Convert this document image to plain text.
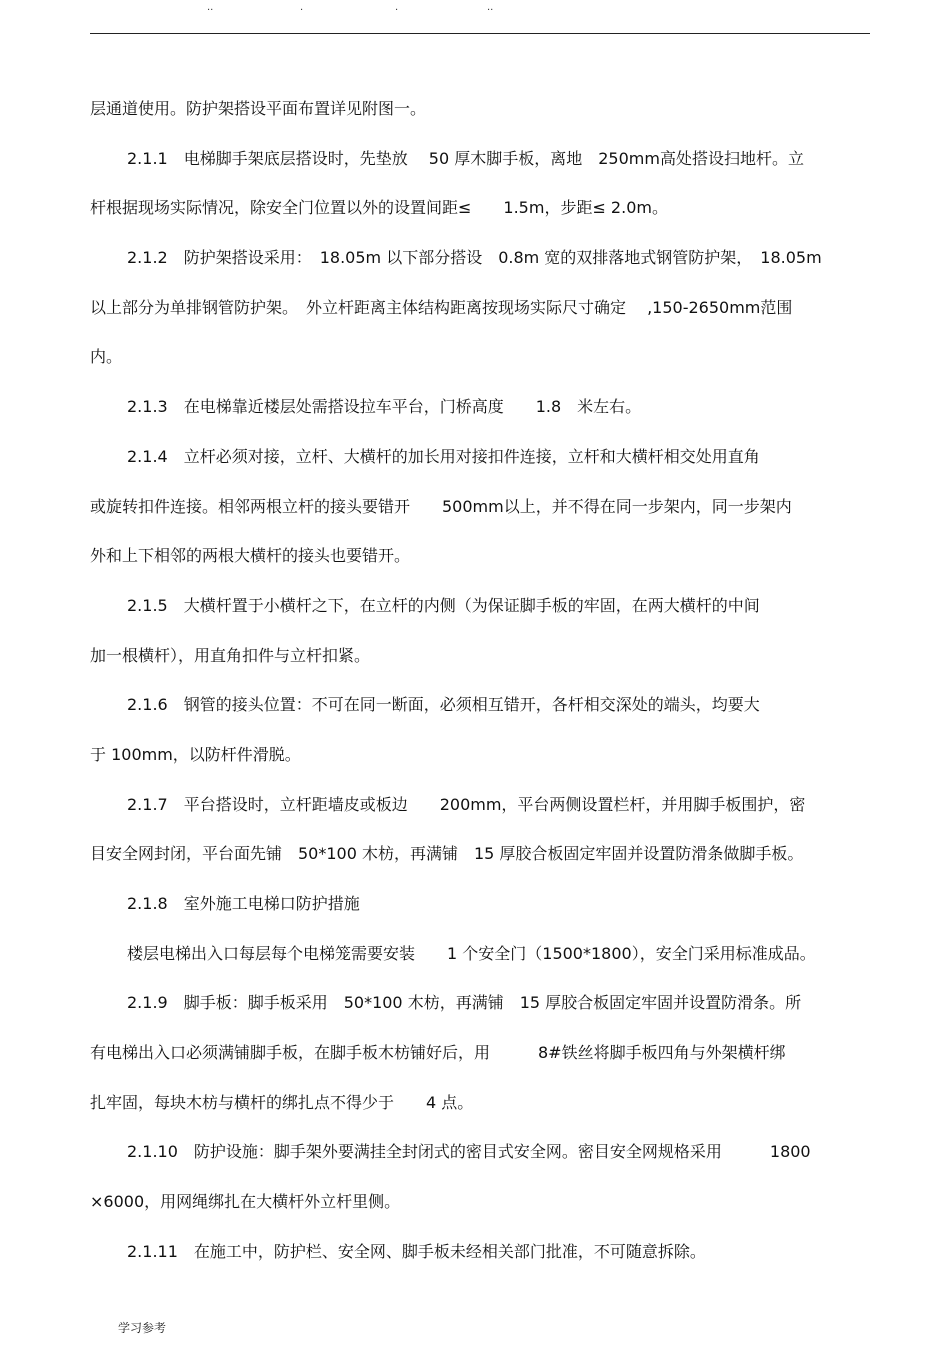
..	.	.	..
层通道使用。防护架搭设平面布置详见附图一。
2.1.1　电梯脚手架底层搭设时，先垫放　 50 厚木脚手板，离地　250mm高处搭设扫地杆。立
杆根据现场实际情况，除安全门位置以外的设置间距≤　　1.5m，步距≤ 2.0m。
2.1.2　防护架搭设采用：　18.05m 以下部分搭设　0.8m 宽的双排落地式钢管防护架，　18.05m
以上部分为单排钢管防护架。　外立杆距离主体结构距离按现场实际尺寸确定　 ,150-2650mm范围
内。
2.1.3　在电梯靠近楼层处需搭设拉车平台，门桥高度　　1.8　米左右。
2.1.4　立杆必须对接，立杆、大横杆的加长用对接扣件连接，立杆和大横杆相交处用直角
或旋转扣件连接。相邻两根立杆的接头要错开　　500mm以上，并不得在同一步架内，同一步架内
外和上下相邻的两根大横杆的接头也要错开。
2.1.5　大横杆置于小横杆之下，在立杆的内侧（为保证脚手板的牢固，在两大横杆的中间
加一根横杆），用直角扣件与立杆扣紧。
2.1.6　钢管的接头位置：不可在同一断面，必须相互错开，各杆相交深处的端头，均要大
于 100mm，以防杆件滑脱。
2.1.7　平台搭设时，立杆距墙皮或板边　　200mm，平台两侧设置栏杆，并用脚手板围护，密
目安全网封闭，平台面先铺　50*100 木枋，再满铺　15 厚胶合板固定牢固并设置防滑条做脚手板。
2.1.8　室外施工电梯口防护措施
楼层电梯出入口每层每个电梯笼需要安装　　1 个安全门（1500*1800），安全门采用标准成品。
2.1.9　脚手板：脚手板采用　50*100 木枋，再满铺　15 厚胶合板固定牢固并设置防滑条。所
有电梯出入口必须满铺脚手板，在脚手板木枋铺好后，用　　　8#铁丝将脚手板四角与外架横杆绑
扎牢固，每块木枋与横杆的绑扎点不得少于　　4 点。
2.1.10　防护设施：脚手架外要满挂全封闭式的密目式安全网。密目安全网规格采用　　　1800
×6000，用网绳绑扎在大横杆外立杆里侧。
2.1.11　在施工中，防护栏、安全网、脚手板未经相关部门批准，不可随意拆除。
学习参考
